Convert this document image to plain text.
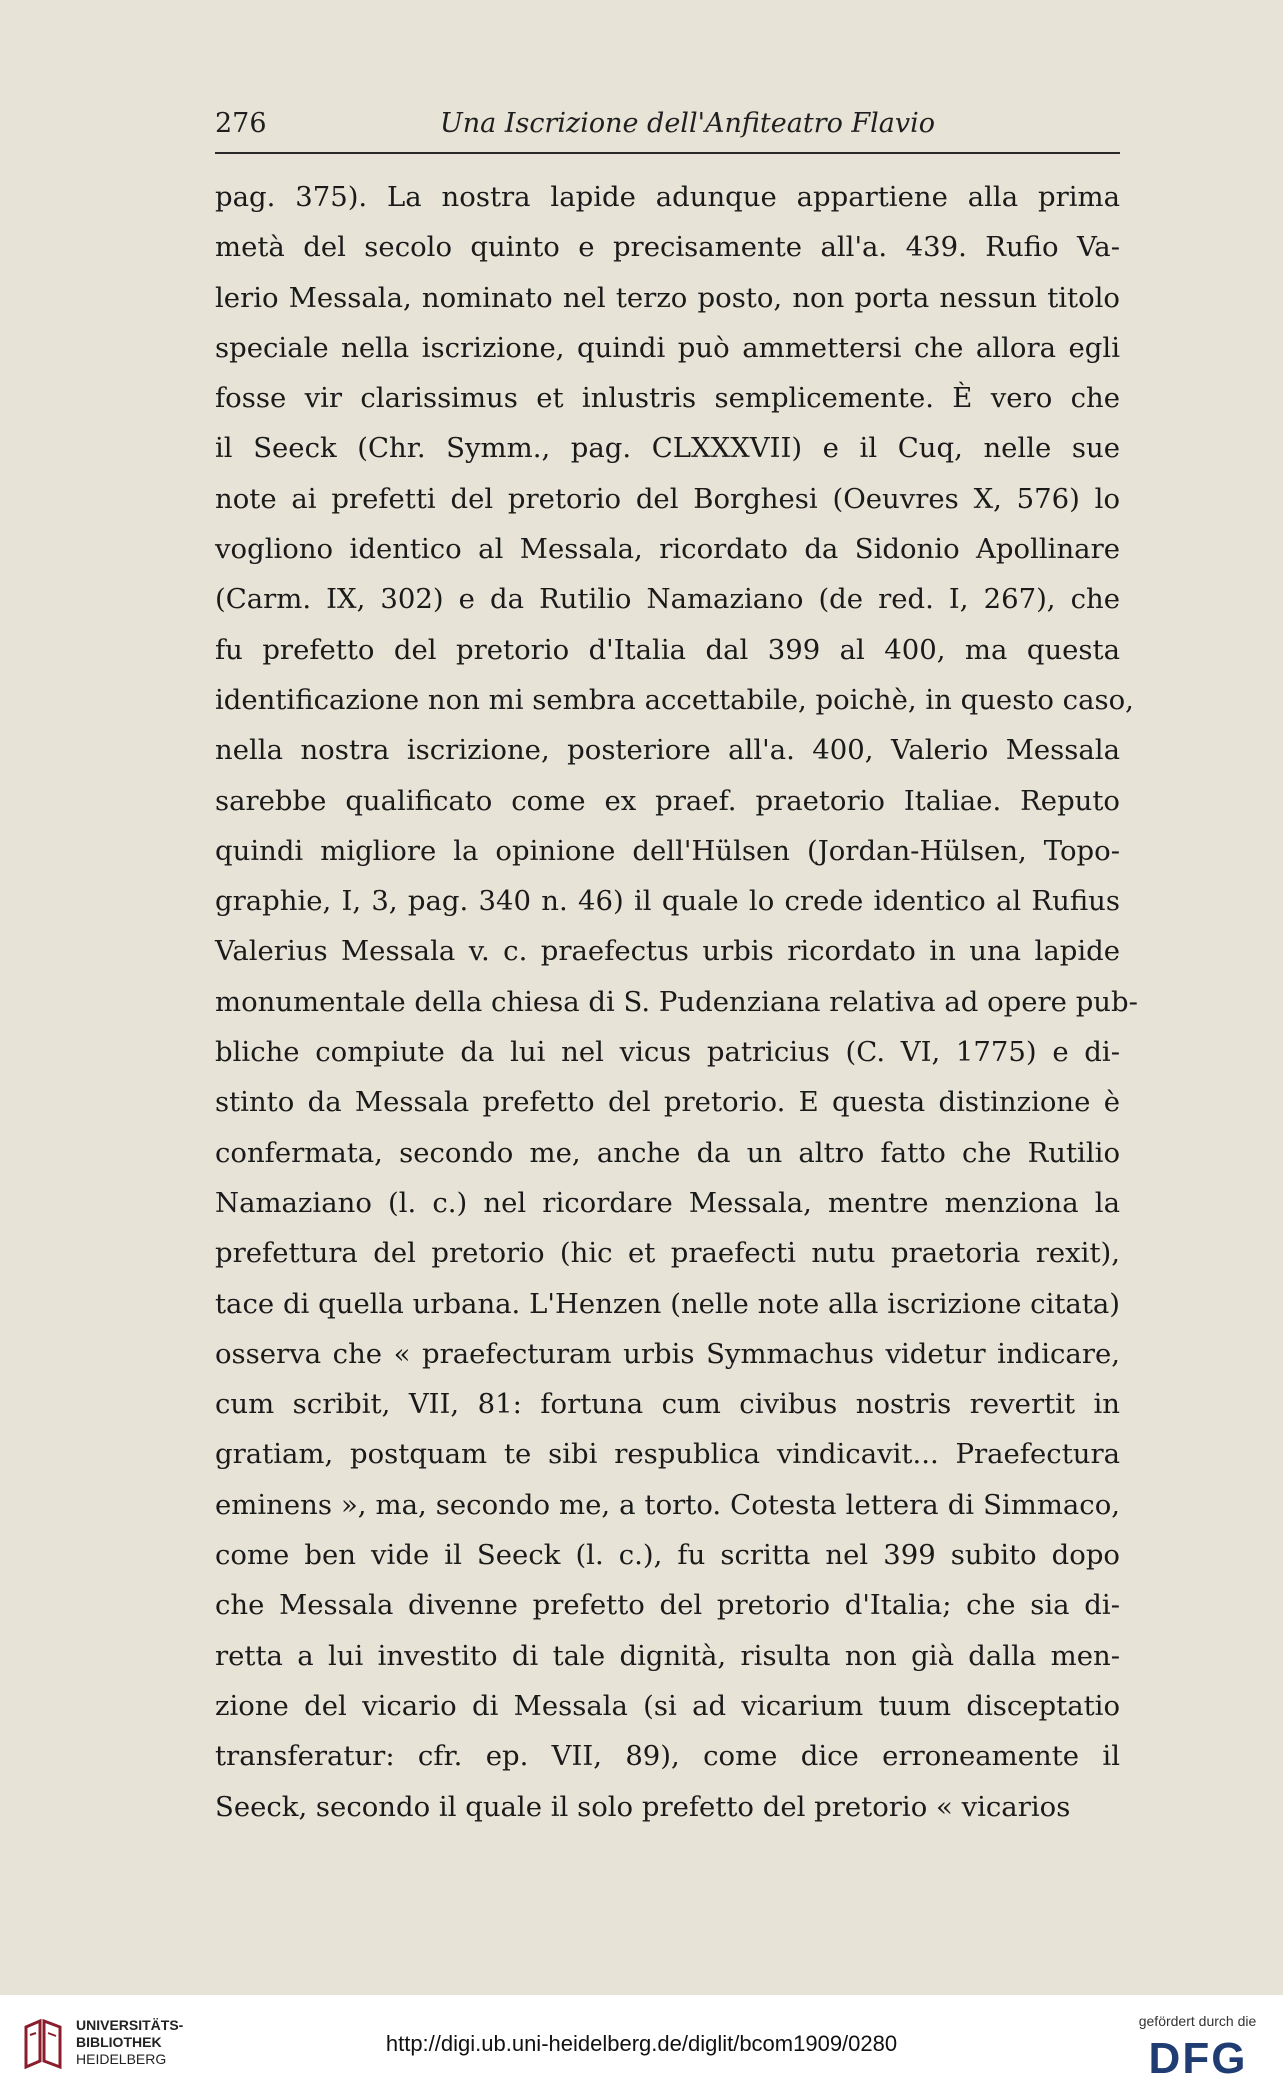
276	Una Iscrizione dell'Anfiteatro Flavio
pag. 375). La nostra lapide adunque appartiene alla prima
metà del secolo quinto e precisamente all'a. 439. Rufio Va-
lerio Messala, nominato nel terzo posto, non porta nessun titolo
speciale nella iscrizione, quindi può ammettersi che allora egli
fosse vir clarissimus et inlustris semplicemente. È vero che
il Seeck (Chr. Symm., pag. CLXXXVII) e il Cuq, nelle sue
note ai prefetti del pretorio del Borghesi (Oeuvres X, 576) lo
vogliono identico al Messala, ricordato da Sidonio Apollinare
(Carm. IX, 302) e da Rutilio Namaziano (de red. I, 267), che
fu prefetto del pretorio d'Italia dal 399 al 400, ma questa
identificazione non mi sembra accettabile, poichè, in questo caso,
nella nostra iscrizione, posteriore all'a. 400, Valerio Messala
sarebbe qualificato come ex praef. praetorio Italiae. Reputo
quindi migliore la opinione dell'Hülsen (Jordan-Hülsen, Topo-
graphie, I, 3, pag. 340 n. 46) il quale lo crede identico al Rufius
Valerius Messala v. c. praefectus urbis ricordato in una lapide
monumentale della chiesa di S. Pudenziana relativa ad opere pub-
bliche compiute da lui nel vicus patricius (C. VI, 1775) e di-
stinto da Messala prefetto del pretorio. E questa distinzione è
confermata, secondo me, anche da un altro fatto che Rutilio
Namaziano (l. c.) nel ricordare Messala, mentre menziona la
prefettura del pretorio (hic et praefecti nutu praetoria rexit),
tace di quella urbana. L'Henzen (nelle note alla iscrizione citata)
osserva che « praefecturam urbis Symmachus videtur indicare,
cum scribit, VII, 81: fortuna cum civibus nostris revertit in
gratiam, postquam te sibi respublica vindicavit... Praefectura
eminens », ma, secondo me, a torto. Cotesta lettera di Simmaco,
come ben vide il Seeck (l. c.), fu scritta nel 399 subito dopo
che Messala divenne prefetto del pretorio d'Italia; che sia di-
retta a lui investito di tale dignità, risulta non già dalla men-
zione del vicario di Messala (si ad vicarium tuum disceptatio
transferatur: cfr. ep. VII, 89), come dice erroneamente il
Seeck, secondo il quale il solo prefetto del pretorio « vicarios
UNIVERSITÄTS-
BIBLIOTHEK
HEIDELBERG
http://digi.ub.uni-heidelberg.de/diglit/bcom1909/0280
gefördert durch die
DFG
